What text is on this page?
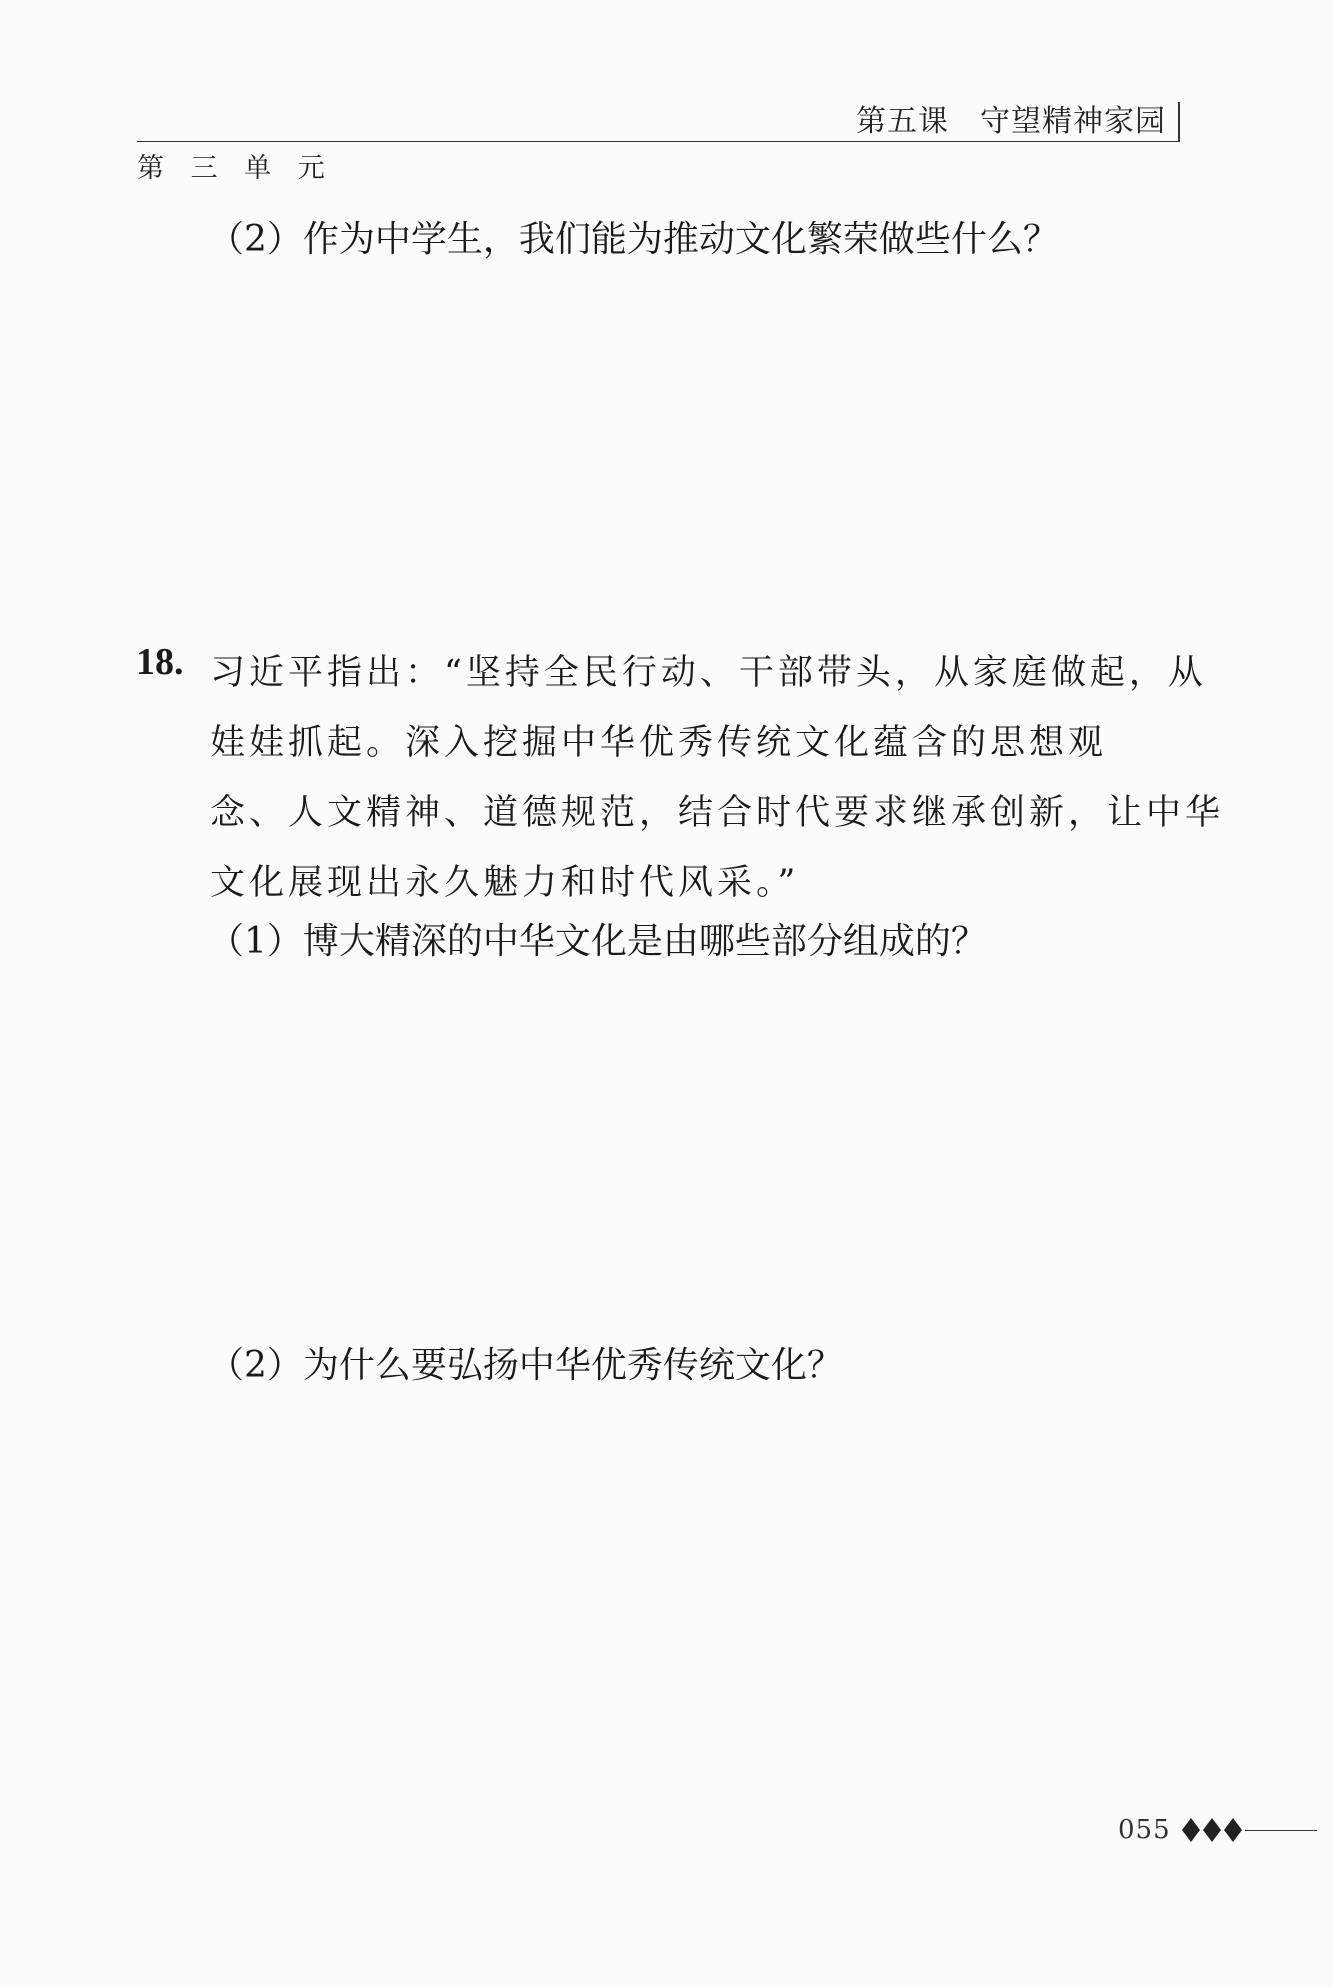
第五课　守望精神家园
第 三 单 元
（2）作为中学生，我们能为推动文化繁荣做些什么？
18. 习近平指出：“坚持全民行动、干部带头，从家庭做起，从
娃娃抓起。深入挖掘中华优秀传统文化蕴含的思想观
念、人文精神、道德规范，结合时代要求继承创新，让中华
文化展现出永久魅力和时代风采。”
（1）博大精深的中华文化是由哪些部分组成的？
（2）为什么要弘扬中华优秀传统文化？
055
